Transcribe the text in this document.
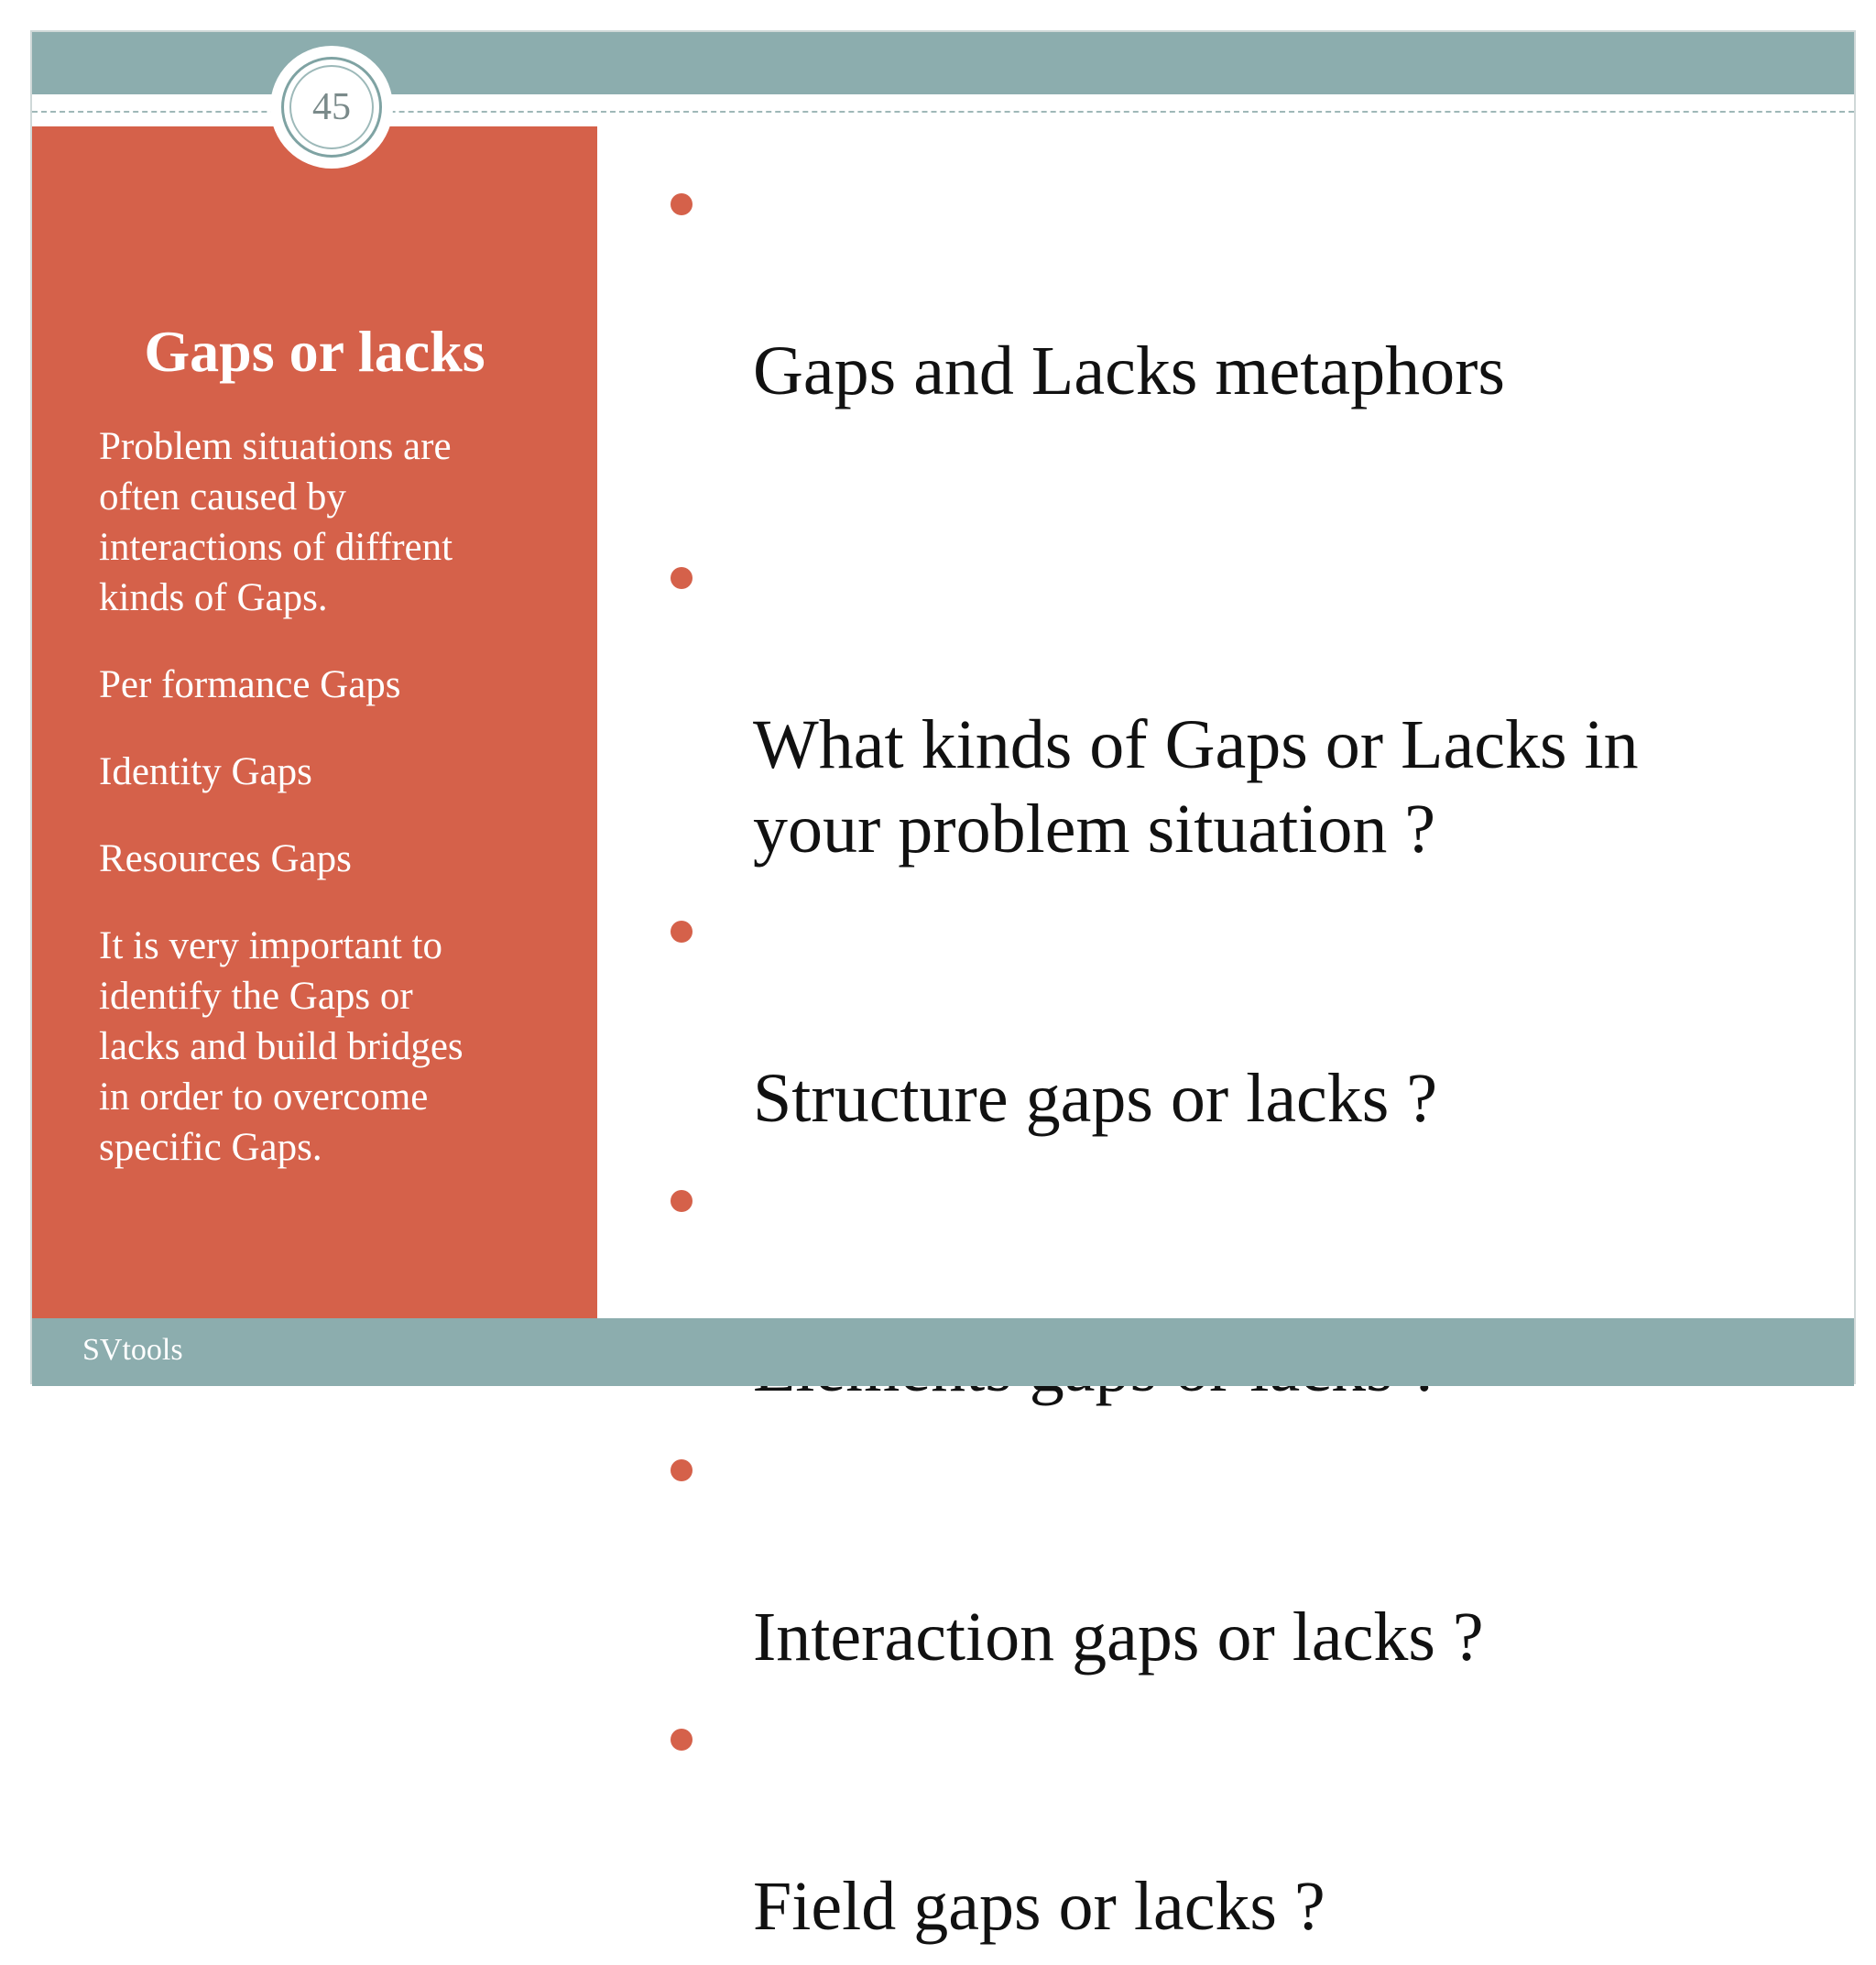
45
Gaps or lacks

Problem situations are
often caused by
interactions of diffrent
kinds of Gaps.

Per formance Gaps

Identity Gaps

Resources Gaps

It is very important to
identify the Gaps or
lacks and build bridges
in order to overcome
specific Gaps.

Gaps and Lacks metaphors

What kinds of Gaps or Lacks in
your problem situation ?

Structure gaps or lacks ?

Interaction gaps or lacks ?

Field gaps or lacks ?

SVtools
